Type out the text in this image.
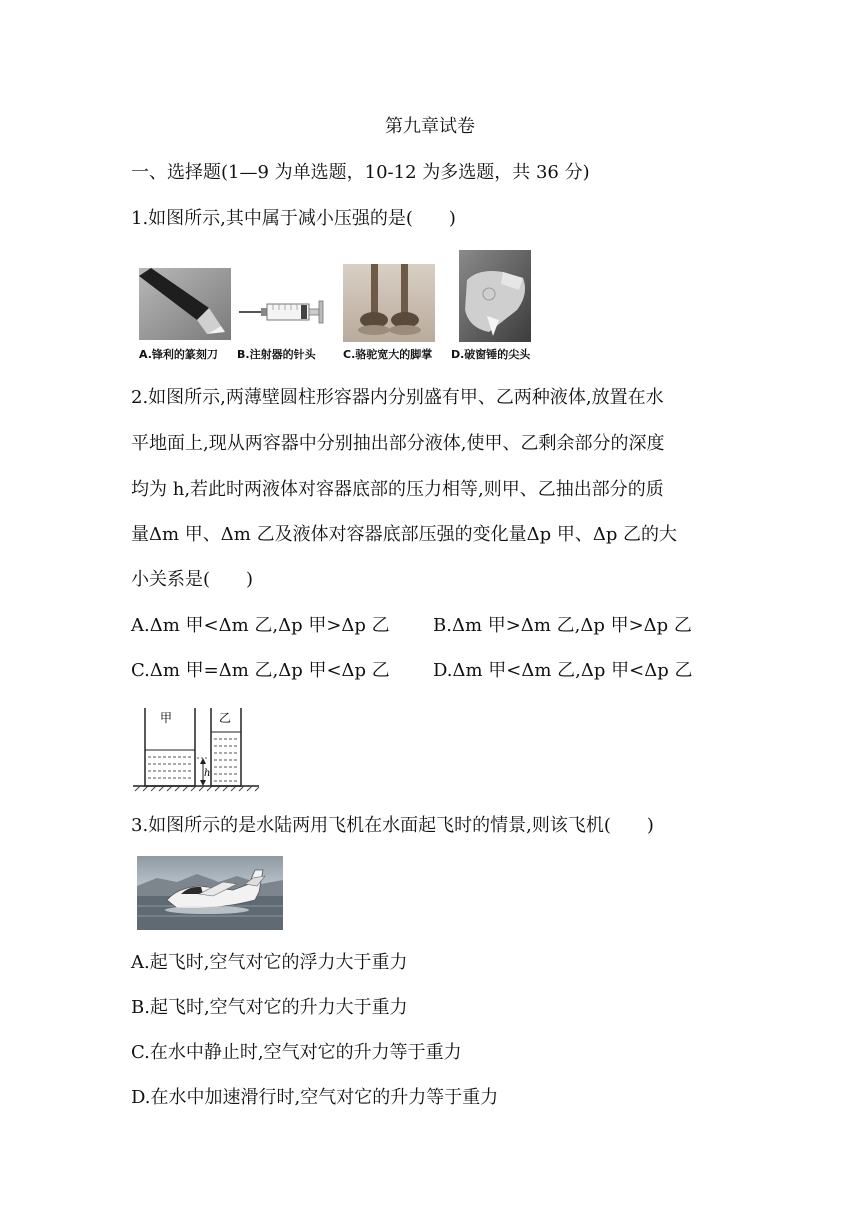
第九章试卷
一、选择题(1—9 为单选题，10-12 为多选题，共 36 分)
1.如图所示,其中属于减小压强的是(　　)
A.锋利的篆刻刀 B.注射器的针头 C.骆驼宽大的脚掌 D.破窗锤的尖头
2.如图所示,两薄壁圆柱形容器内分别盛有甲、乙两种液体,放置在水
平地面上,现从两容器中分别抽出部分液体,使甲、乙剩余部分的深度
均为 h,若此时两液体对容器底部的压力相等,则甲、乙抽出部分的质
量Δm 甲、Δm 乙及液体对容器底部压强的变化量Δp 甲、Δp 乙的大
小关系是(　　)
A.Δm 甲<Δm 乙,Δp 甲>Δp 乙 B.Δm 甲>Δm 乙,Δp 甲>Δp 乙
C.Δm 甲=Δm 乙,Δp 甲<Δp 乙 D.Δm 甲<Δm 乙,Δp 甲<Δp 乙
h
甲	乙
3.如图所示的是水陆两用飞机在水面起飞时的情景,则该飞机(　　)
A.起飞时,空气对它的浮力大于重力
B.起飞时,空气对它的升力大于重力
C.在水中静止时,空气对它的升力等于重力
D.在水中加速滑行时,空气对它的升力等于重力
